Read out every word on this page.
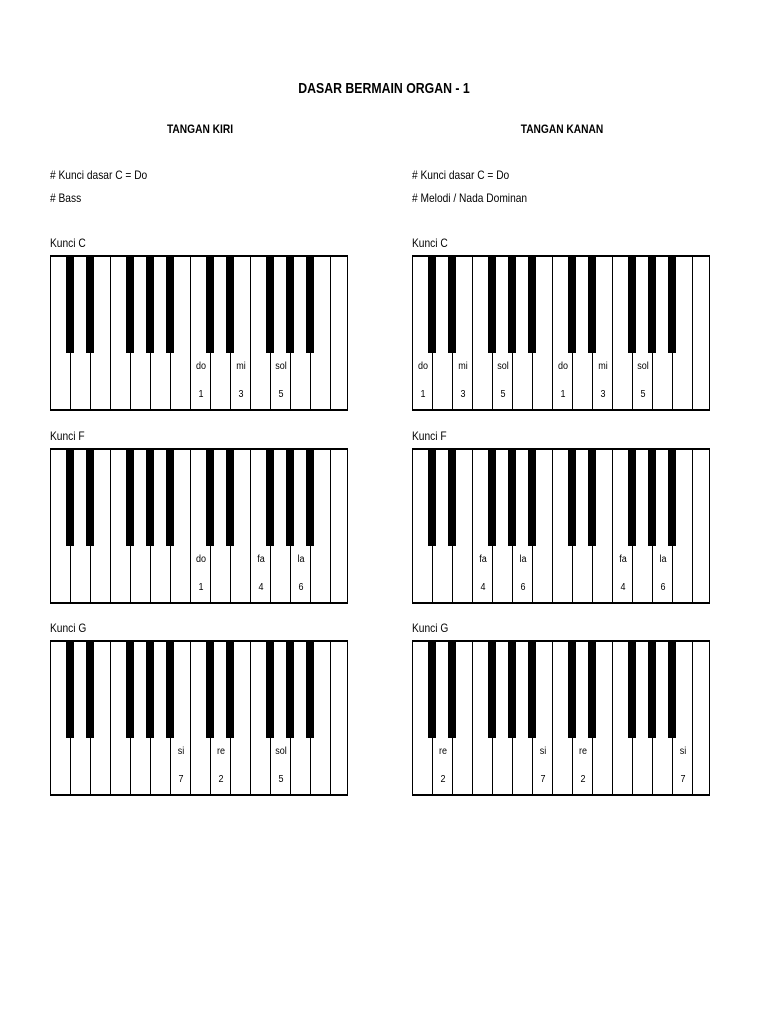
DASAR BERMAIN ORGAN - 1
TANGAN KIRI
# Kunci dasar C = Do
# Bass
Kunci C
do
1
mi
3
sol
5
Kunci F
do
1
fa
4
la
6
Kunci G
si
7
re
2
sol
5
TANGAN KANAN
# Kunci dasar C = Do
# Melodi / Nada Dominan
Kunci C
do
1
mi
3
sol
5
do
1
mi
3
sol
5
Kunci F
fa
4
la
6
fa
4
la
6
Kunci G
re
2
si
7
re
2
si
7
